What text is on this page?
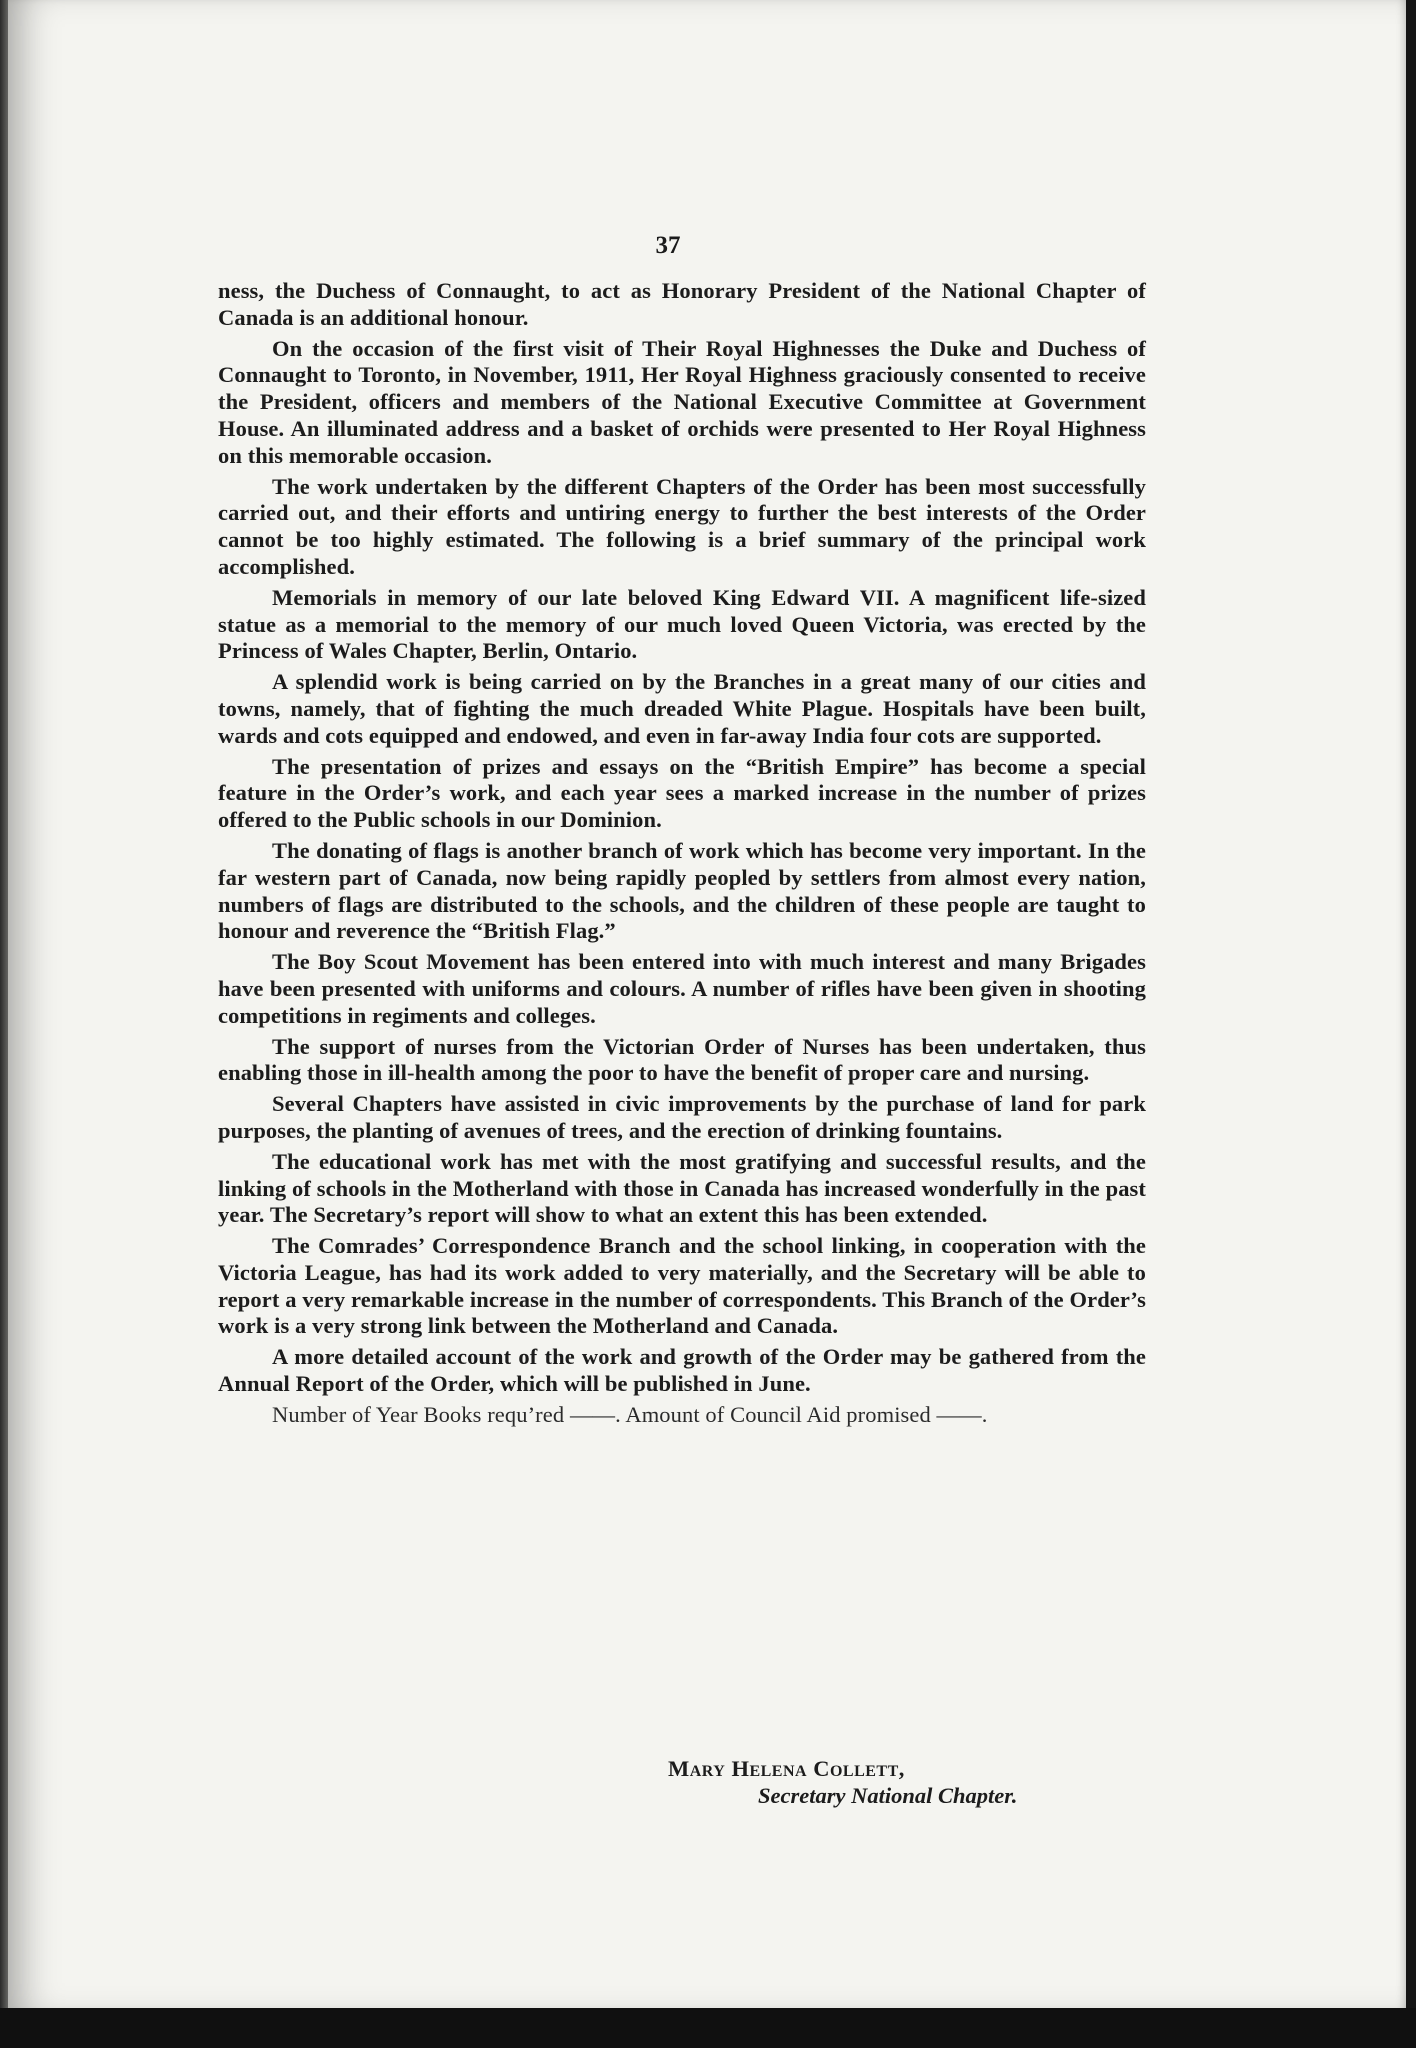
37

ness, the Duchess of Connaught, to act as Honorary President of the National Chapter of Canada is an additional honour.

On the occasion of the first visit of Their Royal Highnesses the Duke and Duchess of Connaught to Toronto, in November, 1911, Her Royal Highness graciously consented to receive the President, officers and members of the National Executive Committee at Government House. An illuminated address and a basket of orchids were presented to Her Royal Highness on this memorable occasion.

The work undertaken by the different Chapters of the Order has been most successfully carried out, and their efforts and untiring energy to further the best interests of the Order cannot be too highly estimated. The following is a brief summary of the principal work accomplished.

Memorials in memory of our late beloved King Edward VII. A magnificent life-sized statue as a memorial to the memory of our much loved Queen Victoria, was erected by the Princess of Wales Chapter, Berlin, Ontario.

A splendid work is being carried on by the Branches in a great many of our cities and towns, namely, that of fighting the much dreaded White Plague. Hospitals have been built, wards and cots equipped and endowed, and even in far-away India four cots are supported.

The presentation of prizes and essays on the “British Empire” has become a special feature in the Order’s work, and each year sees a marked increase in the number of prizes offered to the Public schools in our Dominion.

The donating of flags is another branch of work which has become very important. In the far western part of Canada, now being rapidly peopled by settlers from almost every nation, numbers of flags are distributed to the schools, and the children of these people are taught to honour and reverence the “British Flag.”

The Boy Scout Movement has been entered into with much interest and many Brigades have been presented with uniforms and colours. A number of rifles have been given in shooting competitions in regiments and colleges.

The support of nurses from the Victorian Order of Nurses has been undertaken, thus enabling those in ill-health among the poor to have the benefit of proper care and nursing.

Several Chapters have assisted in civic improvements by the purchase of land for park purposes, the planting of avenues of trees, and the erection of drinking fountains.

The educational work has met with the most gratifying and successful results, and the linking of schools in the Motherland with those in Canada has increased wonderfully in the past year. The Secretary’s report will show to what an extent this has been extended.

The Comrades’ Correspondence Branch and the school linking, in cooperation with the Victoria League, has had its work added to very materially, and the Secretary will be able to report a very remarkable increase in the number of correspondents. This Branch of the Order’s work is a very strong link between the Motherland and Canada.

A more detailed account of the work and growth of the Order may be gathered from the Annual Report of the Order, which will be published in June.

Number of Year Books requ’red ——. Amount of Council Aid promised ——.

Mary Helena Collett,
Secretary National Chapter.
